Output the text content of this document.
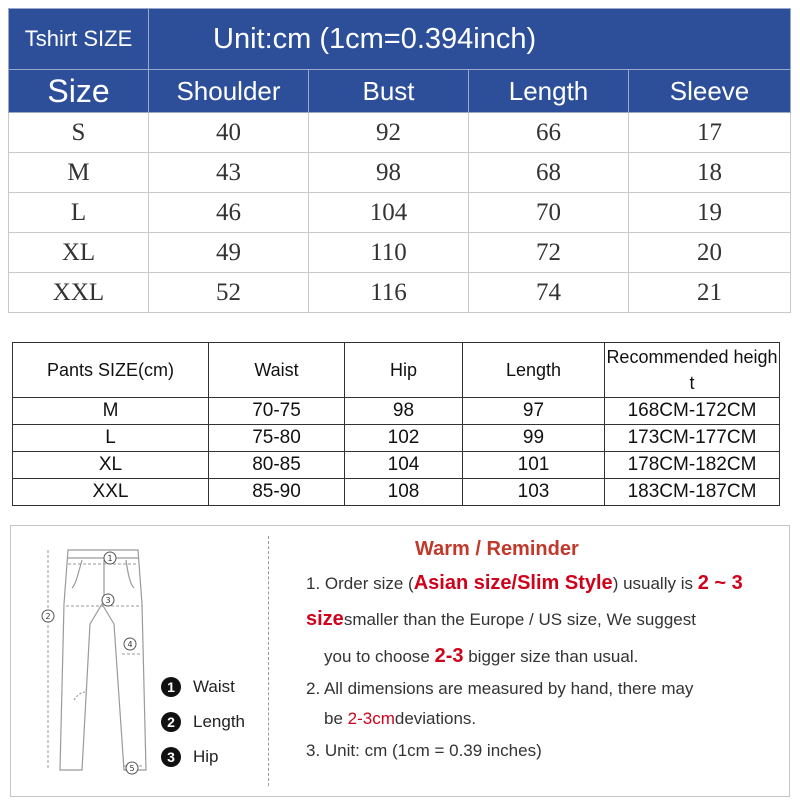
Tshirt SIZE	Unit:cm (1cm=0.394inch)			
Size	Shoulder	Bust	Length	Sleeve
S	40	92	66	17
M	43	98	68	18
L	46	104	70	19
XL	49	110	72	20
XXL	52	116	74	21
Pants SIZE(cm)	Waist	Hip	Length	Recommended height
M	70-75	98	97	168CM-172CM
L	75-80	102	99	173CM-177CM
XL	80-85	104	101	178CM-182CM
XXL	85-90	108	103	183CM-187CM
1
2
3
4
5
1	Waist
2	Length
3	Hip
Warm / Reminder
1. Order size (Asian size/Slim Style) usually is 2 ~ 3
sizesmaller than the Europe / US size, We suggest
you to choose 2-3 bigger size than usual.
2. All dimensions are measured by hand, there may
be 2-3cmdeviations.
3. Unit: cm (1cm = 0.39 inches)
